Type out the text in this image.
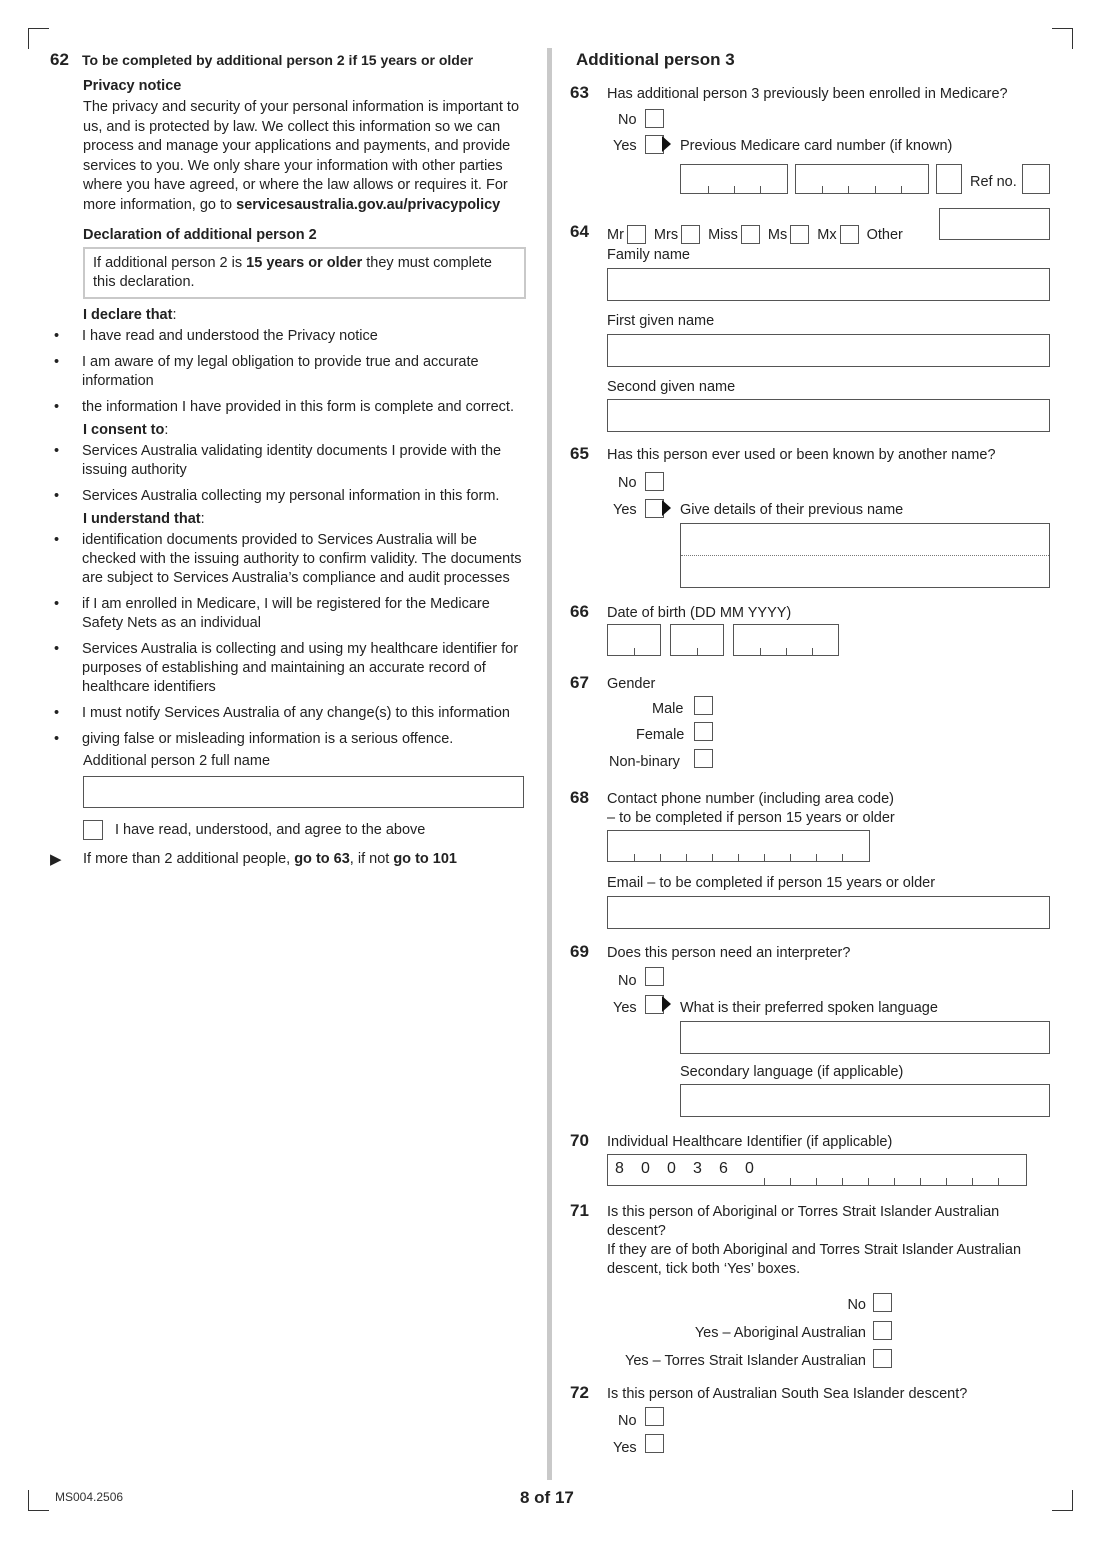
62 To be completed by additional person 2 if 15 years or older
Privacy notice
The privacy and security of your personal information is important to us, and is protected by law. We collect this information so we can process and manage your applications and payments, and provide services to you. We only share your information with other parties where you have agreed, or where the law allows or requires it. For more information, go to servicesaustralia.gov.au/privacypolicy
Declaration of additional person 2
If additional person 2 is 15 years or older they must complete this declaration.
I declare that:
• I have read and understood the Privacy notice
• I am aware of my legal obligation to provide true and accurate information
• the information I have provided in this form is complete and correct.
I consent to:
• Services Australia validating identity documents I provide with the issuing authority
• Services Australia collecting my personal information in this form.
I understand that:
• identification documents provided to Services Australia will be checked with the issuing authority to confirm validity. The documents are subject to Services Australia’s compliance and audit processes
• if I am enrolled in Medicare, I will be registered for the Medicare Safety Nets as an individual
• Services Australia is collecting and using my healthcare identifier for purposes of establishing and maintaining an accurate record of healthcare identifiers
• I must notify Services Australia of any change(s) to this information
• giving false or misleading information is a serious offence.
Additional person 2 full name
I have read, understood, and agree to the above
▶︎	If more than 2 additional people, go to 63, if not go to 101
Additional person 3
63	Has additional person 3 previously been enrolled in Medicare?
No
Yes	Previous Medicare card number (if known)
Ref no.
64	Mr Mrs Miss Ms Mx Other
Family name
First given name
Second given name
65	Has this person ever used or been known by another name?
No
Yes	Give details of their previous name
66	Date of birth (DD MM YYYY)
67	Gender
Male
Female
Non-binary
68	Contact phone number (including area code)
– to be completed if person 15 years or older
Email – to be completed if person 15 years or older
69	Does this person need an interpreter?
No
Yes	What is their preferred spoken language
Secondary language (if applicable)
70	Individual Healthcare Identifier (if applicable)
8 0 0 3 6 0
71	Is this person of Aboriginal or Torres Strait Islander Australian descent?
If they are of both Aboriginal and Torres Strait Islander Australian descent, tick both ‘Yes’ boxes.
No
Yes – Aboriginal Australian
Yes – Torres Strait Islander Australian
72	Is this person of Australian South Sea Islander descent?
No
Yes
MS004.2506	8 of 17
